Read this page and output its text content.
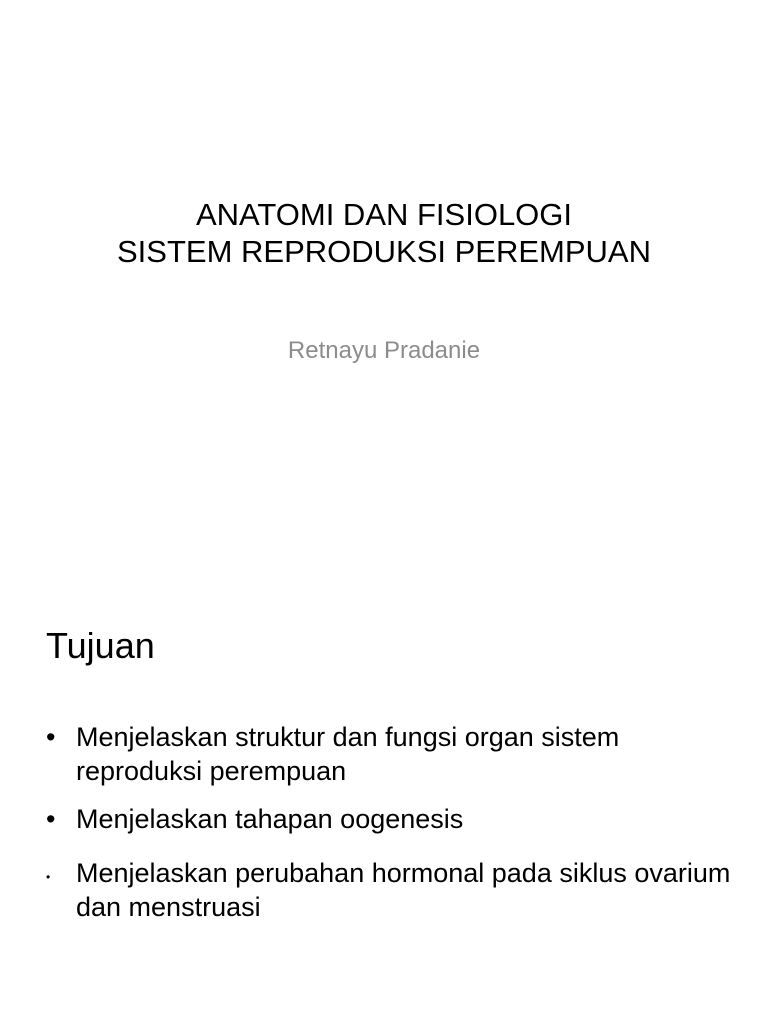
ANATOMI DAN FISIOLOGI
SISTEM REPRODUKSI PEREMPUAN
Retnayu Pradanie
Tujuan
• Menjelaskan struktur dan fungsi organ sistem reproduksi perempuan
• Menjelaskan tahapan oogenesis
• Menjelaskan perubahan hormonal pada siklus ovarium dan menstruasi
